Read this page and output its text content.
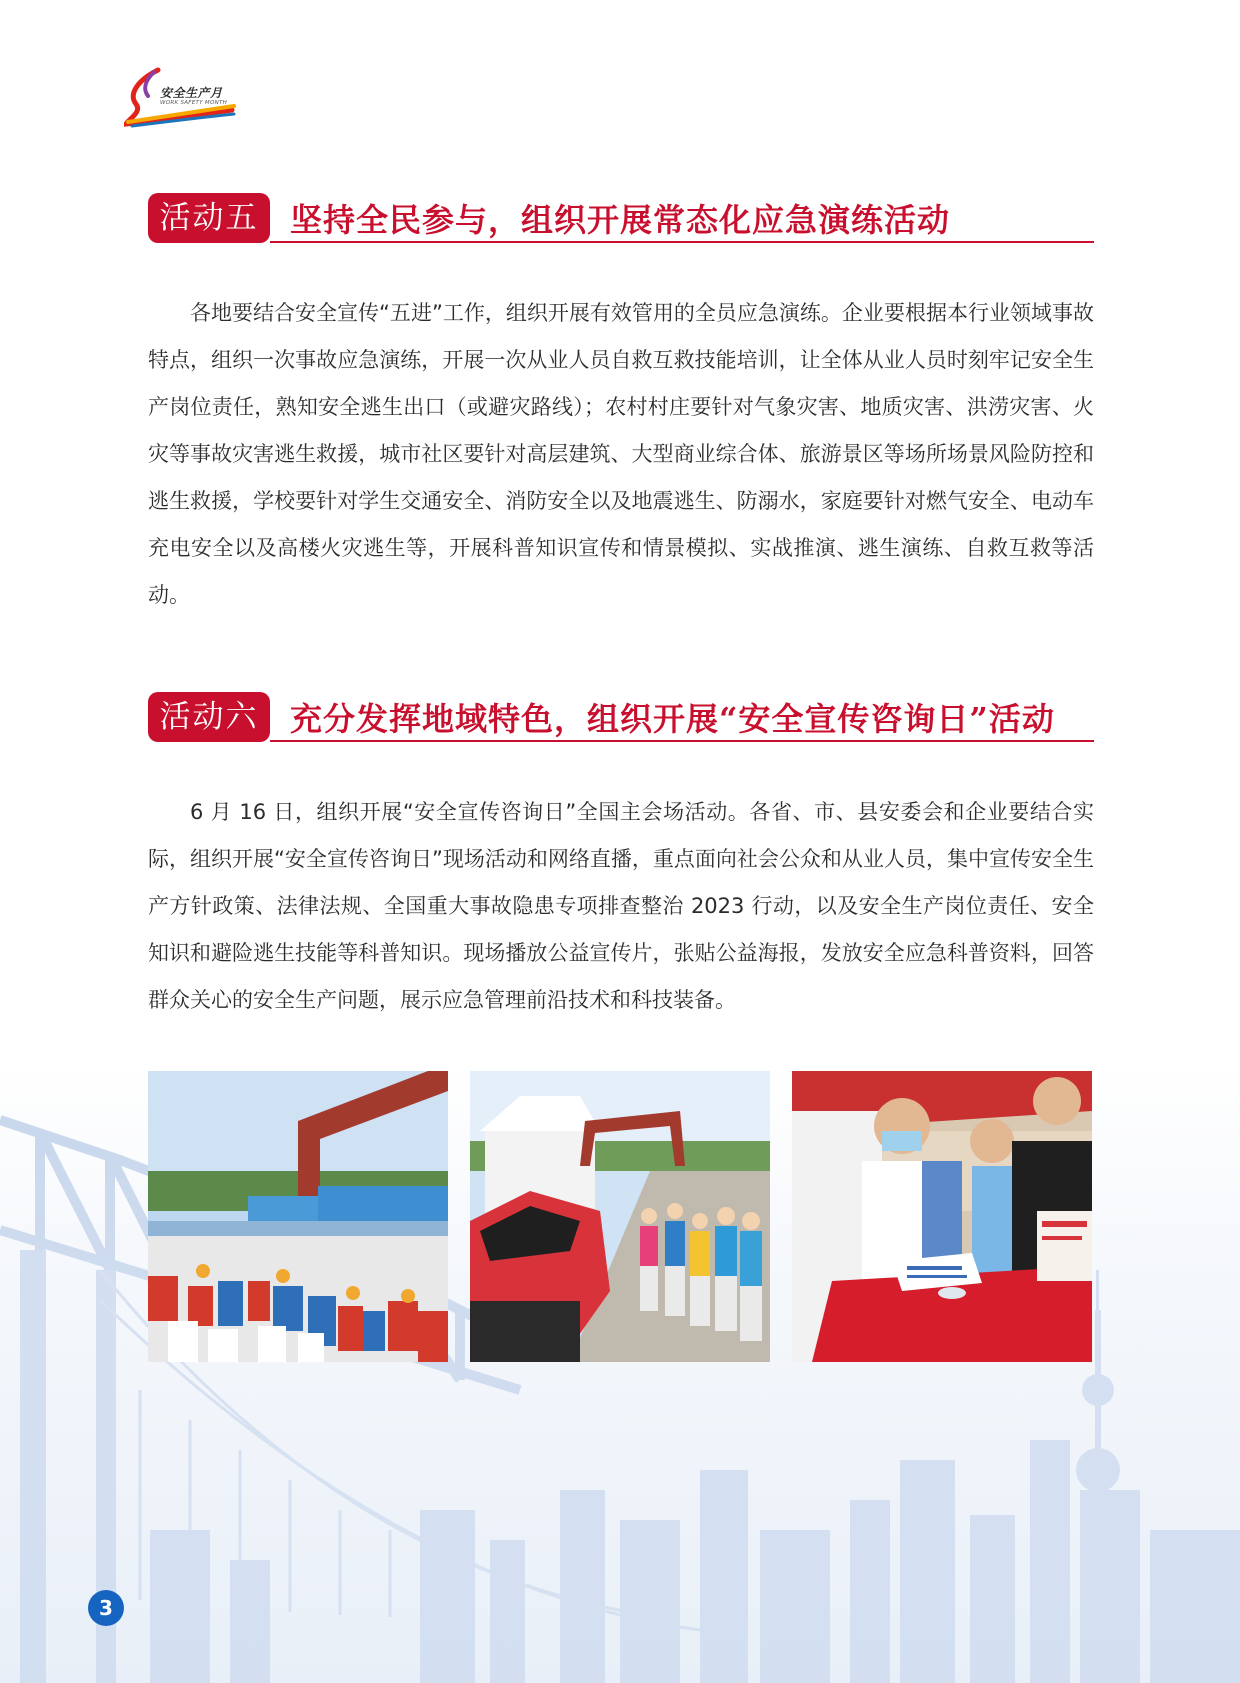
安全生产月
WORK SAFETY MONTH
活动五 坚持全民参与，组织开展常态化应急演练活动

各地要结合安全宣传“五进”工作，组织开展有效管用的全员应急演练。企业要根据本行业领域事故特点，组织一次事故应急演练，开展一次从业人员自救互救技能培训，让全体从业人员时刻牢记安全生产岗位责任，熟知安全逃生出口（或避灾路线）；农村村庄要针对气象灾害、地质灾害、洪涝灾害、火灾等事故灾害逃生救援，城市社区要针对高层建筑、大型商业综合体、旅游景区等场所场景风险防控和逃生救援，学校要针对学生交通安全、消防安全以及地震逃生、防溺水，家庭要针对燃气安全、电动车充电安全以及高楼火灾逃生等，开展科普知识宣传和情景模拟、实战推演、逃生演练、自救互救等活动。

活动六 充分发挥地域特色，组织开展“安全宣传咨询日”活动

6 月 16 日，组织开展“安全宣传咨询日”全国主会场活动。各省、市、县安委会和企业要结合实际，组织开展“安全宣传咨询日”现场活动和网络直播，重点面向社会公众和从业人员，集中宣传安全生产方针政策、法律法规、全国重大事故隐患专项排查整治 2023 行动，以及安全生产岗位责任、安全知识和避险逃生技能等科普知识。现场播放公益宣传片，张贴公益海报，发放安全应急科普资料，回答群众关心的安全生产问题，展示应急管理前沿技术和科技装备。

3
